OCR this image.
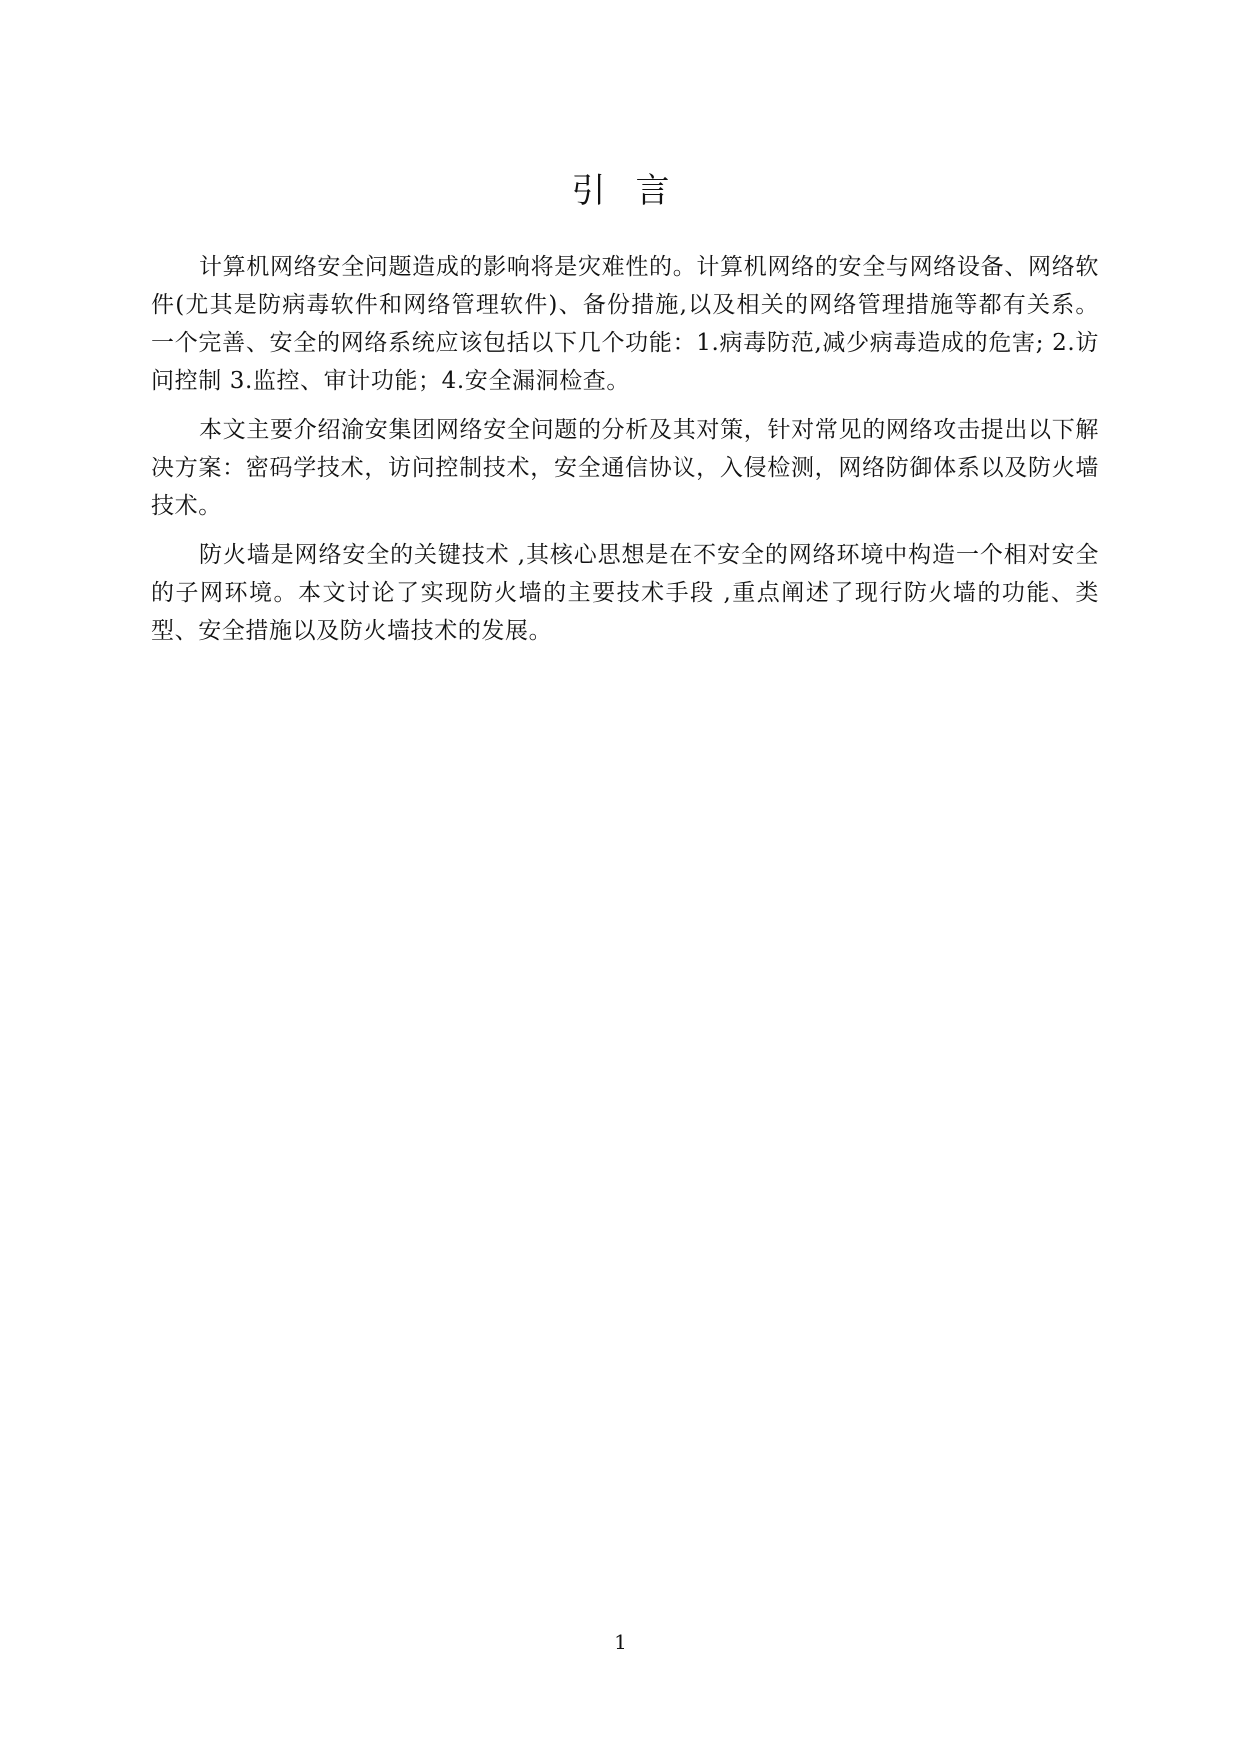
引言

计算机网络安全问题造成的影响将是灾难性的。计算机网络的安全与网络设备、网络软件(尤其是防病毒软件和网络管理软件)、备份措施,以及相关的网络管理措施等都有关系。 一个完善、安全的网络系统应该包括以下几个功能：1.病毒防范,减少病毒造成的危害; 2.访问控制 3.监控、审计功能；4.安全漏洞检查。

本文主要介绍渝安集团网络安全问题的分析及其对策，针对常见的网络攻击提出以下解决方案：密码学技术，访问控制技术，安全通信协议，入侵检测，网络防御体系以及防火墙技术。

防火墙是网络安全的关键技术 ,其核心思想是在不安全的网络环境中构造一个相对安全的子网环境。本文讨论了实现防火墙的主要技术手段 ,重点阐述了现行防火墙的功能、类型、安全措施以及防火墙技术的发展。

1
